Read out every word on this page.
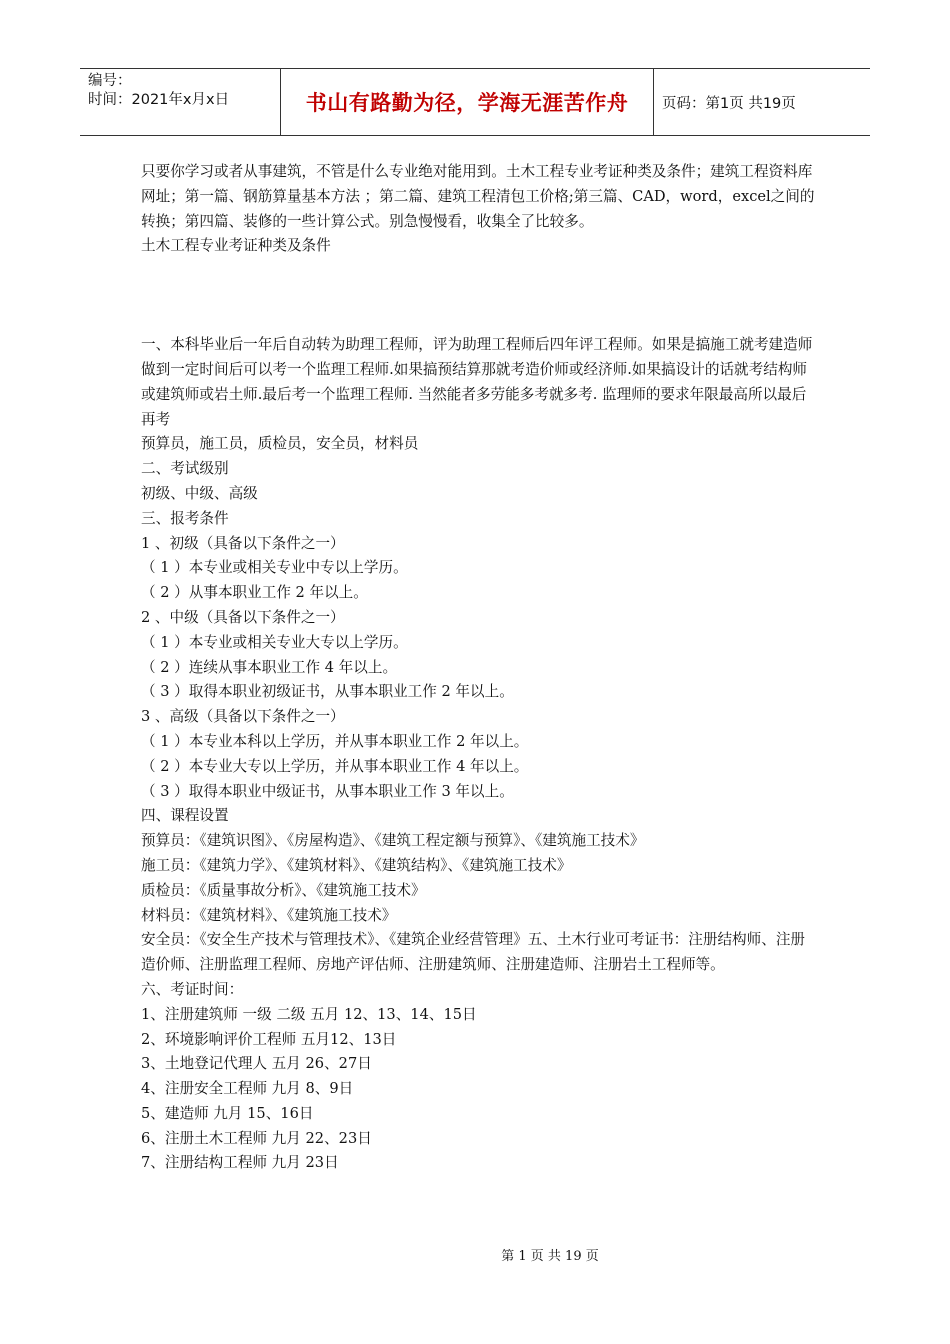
编号：
时间：2021年x月x日	书山有路勤为径，学海无涯苦作舟	页码：第1页 共19页

只要你学习或者从事建筑，不管是什么专业绝对能用到。土木工程专业考证种类及条件；建筑工程资料库网址；第一篇、钢筋算量基本方法 ；第二篇、建筑工程清包工价格;第三篇、CAD，word，excel之间的转换；第四篇、装修的一些计算公式。别急慢慢看，收集全了比较多。

土木工程专业考证种类及条件

一、本科毕业后一年后自动转为助理工程师，评为助理工程师后四年评工程师。如果是搞施工就考建造师做到一定时间后可以考一个监理工程师.如果搞预结算那就考造价师或经济师.如果搞设计的话就考结构师或建筑师或岩土师.最后考一个监理工程师. 当然能者多劳能多考就多考. 监理师的要求年限最高所以最后再考

预算员，施工员，质检员，安全员，材料员

二、考试级别

初级、中级、高级

三、报考条件

1 、初级（具备以下条件之一）

（ 1 ）本专业或相关专业中专以上学历。

（ 2 ）从事本职业工作 2 年以上。

2 、中级（具备以下条件之一）

（ 1 ）本专业或相关专业大专以上学历。

（ 2 ）连续从事本职业工作 4 年以上。

（ 3 ）取得本职业初级证书，从事本职业工作 2 年以上。

3 、高级（具备以下条件之一）

（ 1 ）本专业本科以上学历，并从事本职业工作 2 年以上。

（ 2 ）本专业大专以上学历，并从事本职业工作 4 年以上。

（ 3 ）取得本职业中级证书，从事本职业工作 3 年以上。

四、课程设置

预算员：《建筑识图》、《房屋构造》、《建筑工程定额与预算》、《建筑施工技术》

施工员：《建筑力学》、《建筑材料》、《建筑结构》、《建筑施工技术》

质检员：《质量事故分析》、《建筑施工技术》

材料员：《建筑材料》、《建筑施工技术》

安全员：《安全生产技术与管理技术》、《建筑企业经营管理》五、土木行业可考证书：注册结构师、注册造价师、注册监理工程师、房地产评估师、注册建筑师、注册建造师、注册岩土工程师等。

六、考证时间：

1、注册建筑师 一级 二级 五月 12、13、14、15日

2、环境影响评价工程师 五月12、13日

3、土地登记代理人 五月 26、27日

4、注册安全工程师 九月 8、9日

5、建造师 九月 15、16日

6、注册土木工程师 九月 22、23日

7、注册结构工程师 九月 23日

第 1 页 共 19 页
